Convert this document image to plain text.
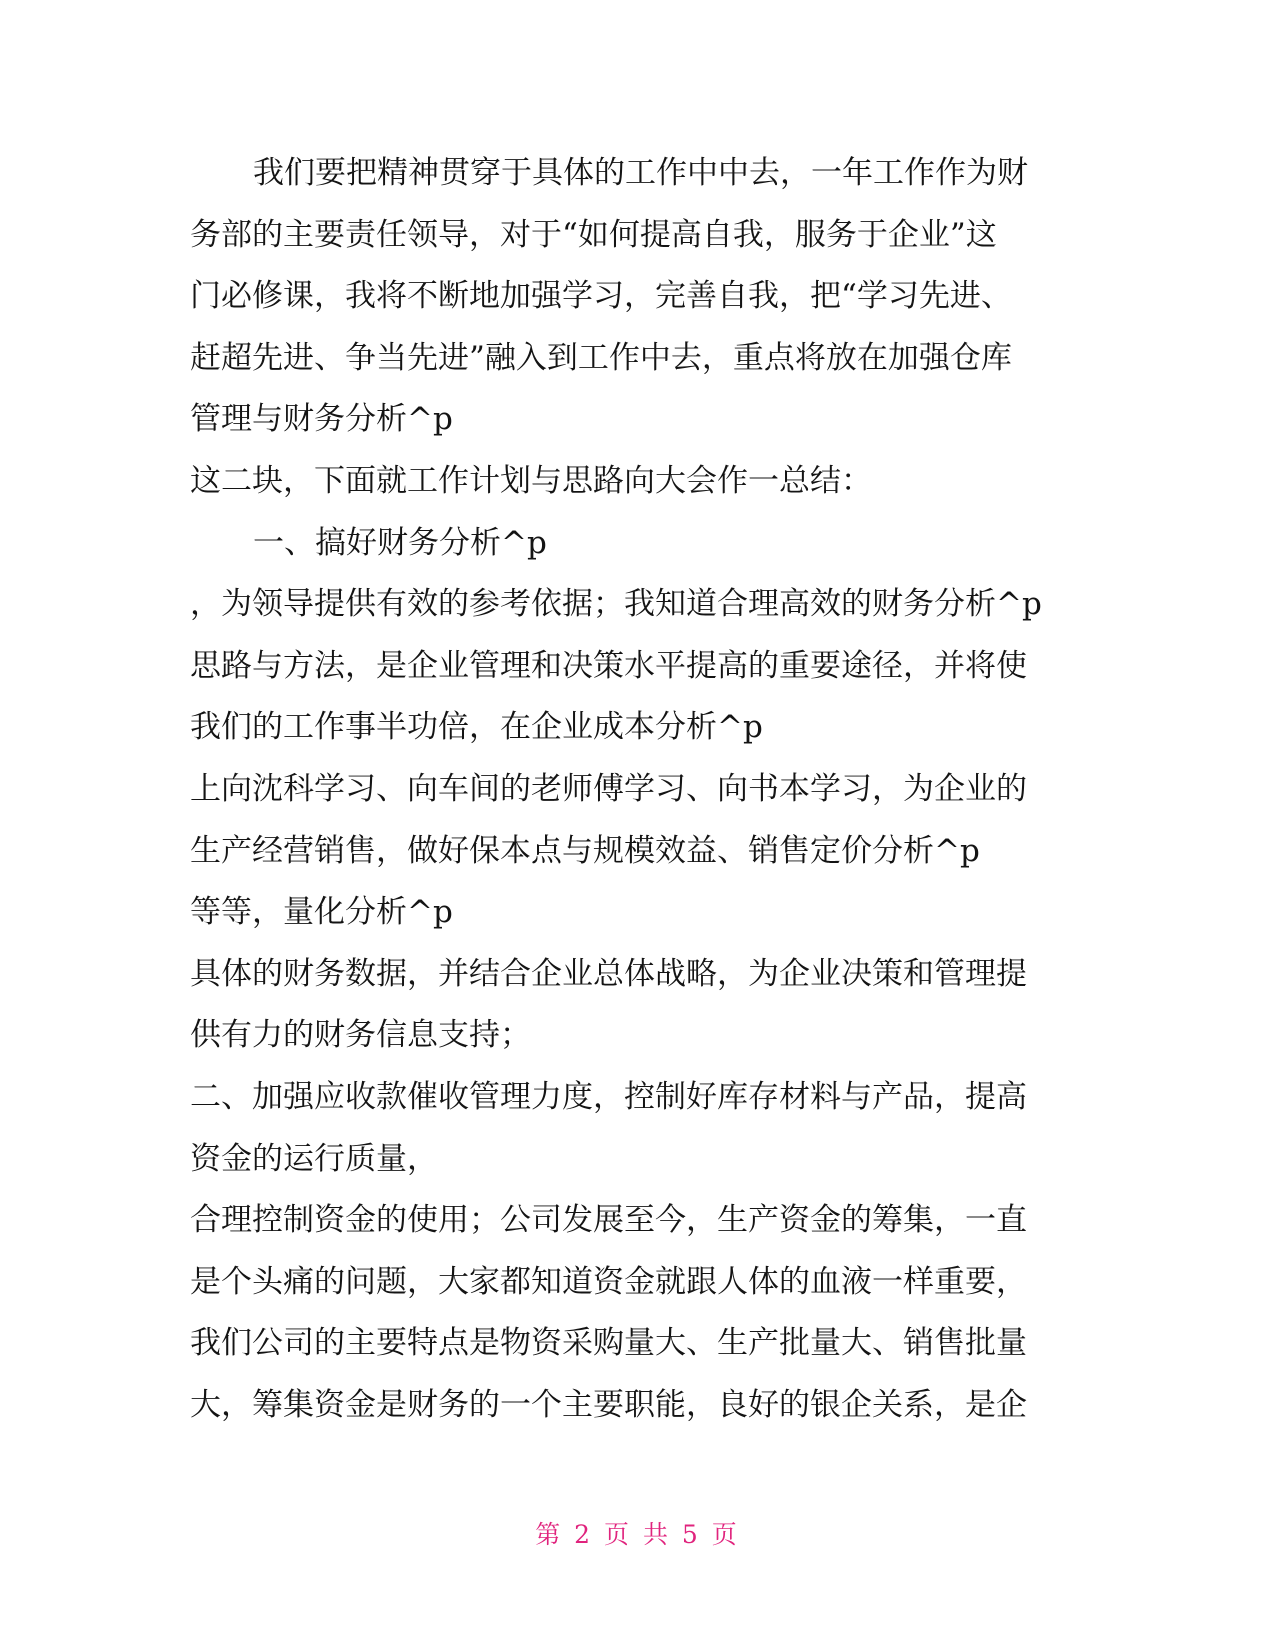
我们要把精神贯穿于具体的工作中中去，一年工作作为财
务部的主要责任领导，对于“如何提高自我，服务于企业”这
门必修课，我将不断地加强学习，完善自我，把“学习先进、
赶超先进、争当先进”融入到工作中去，重点将放在加强仓库
管理与财务分析^p
这二块，下面就工作计划与思路向大会作一总结：
一、搞好财务分析^p
，为领导提供有效的参考依据；我知道合理高效的财务分析^p
思路与方法，是企业管理和决策水平提高的重要途径，并将使
我们的工作事半功倍，在企业成本分析^p
上向沈科学习、向车间的老师傅学习、向书本学习，为企业的
生产经营销售，做好保本点与规模效益、销售定价分析^p
等等，量化分析^p
具体的财务数据，并结合企业总体战略，为企业决策和管理提
供有力的财务信息支持；
二、加强应收款催收管理力度，控制好库存材料与产品，提高
资金的运行质量，
合理控制资金的使用；公司发展至今，生产资金的筹集，一直
是个头痛的问题，大家都知道资金就跟人体的血液一样重要，
我们公司的主要特点是物资采购量大、生产批量大、销售批量
大，筹集资金是财务的一个主要职能，良好的银企关系，是企
第 2 页 共 5 页
